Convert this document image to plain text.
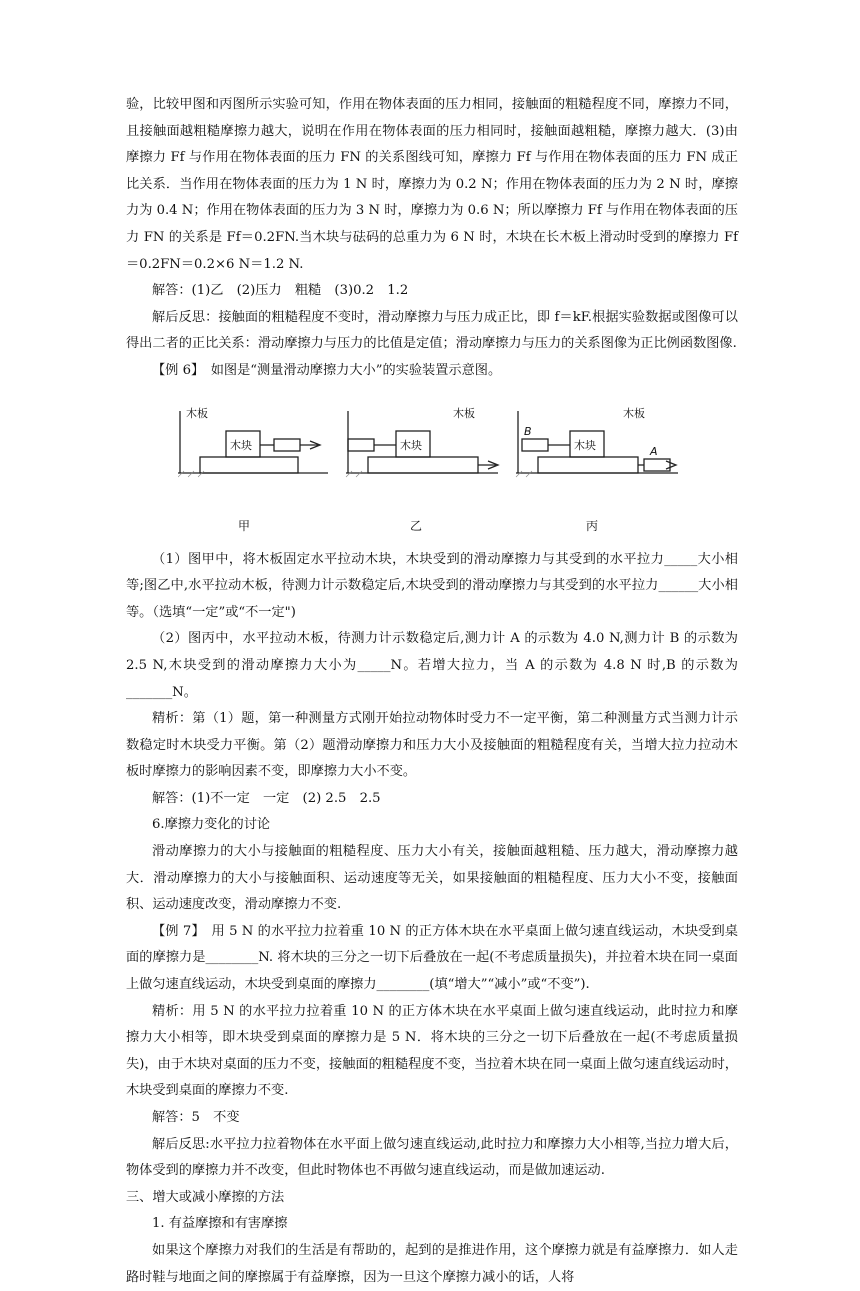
验，比较甲图和丙图所示实验可知，作用在物体表面的压力相同，接触面的粗糙程度不同，摩擦力不同，且接触面越粗糙摩擦力越大，说明在作用在物体表面的压力相同时，接触面越粗糙，摩擦力越大．(3)由摩擦力 Ff 与作用在物体表面的压力 FN 的关系图线可知，摩擦力 Ff 与作用在物体表面的压力 FN 成正比关系．当作用在物体表面的压力为 1 N 时，摩擦力为 0.2 N；作用在物体表面的压力为 2 N 时，摩擦力为 0.4 N；作用在物体表面的压力为 3 N 时，摩擦力为 0.6 N；所以摩擦力 Ff 与作用在物体表面的压力 FN 的关系是 Ff＝0.2FN.当木块与砝码的总重力为 6 N 时，木块在长木板上滑动时受到的摩擦力 Ff＝0.2FN＝0.2×6 N＝1.2 N.

解答：(1)乙　(2)压力　粗糙　(3)0.2　1.2

解后反思：接触面的粗糙程度不变时，滑动摩擦力与压力成正比，即 f＝kF.根据实验数据或图像可以得出二者的正比关系：滑动摩擦力与压力的比值是定值；滑动摩擦力与压力的关系图像为正比例函数图像.

【例 6】　如图是“测量滑动摩擦力大小”的实验装置示意图。

木板
木块
木板
木块
木板
木块
B
A
甲	乙	丙

（1）图甲中，将木板固定水平拉动木块，木块受到的滑动摩擦力与其受到的水平拉力_____大小相等;图乙中,水平拉动木板，待测力计示数稳定后,木块受到的滑动摩擦力与其受到的水平拉力______大小相等。（选填“一定”或“不一定")

（2）图丙中，水平拉动木板，待测力计示数稳定后,测力计 A 的示数为 4.0 N,测力计 B 的示数为 2.5 N,木块受到的滑动摩擦力大小为_____N。若增大拉力，当 A 的示数为 4.8 N 时,B 的示数为_______N。

精析：第（1）题，第一种测量方式刚开始拉动物体时受力不一定平衡，第二种测量方式当测力计示数稳定时木块受力平衡。第（2）题滑动摩擦力和压力大小及接触面的粗糙程度有关，当增大拉力拉动木板时摩擦力的影响因素不变，即摩擦力大小不变。

解答：(1)不一定　一定　(2) 2.5　2.5

6.摩擦力变化的讨论

滑动摩擦力的大小与接触面的粗糙程度、压力大小有关，接触面越粗糙、压力越大，滑动摩擦力越大．滑动摩擦力的大小与接触面积、运动速度等无关，如果接触面的粗糙程度、压力大小不变，接触面积、运动速度改变，滑动摩擦力不变.

【例 7】　用 5 N 的水平拉力拉着重 10 N 的正方体木块在水平桌面上做匀速直线运动，木块受到桌面的摩擦力是________N. 将木块的三分之一切下后叠放在一起(不考虑质量损失)，并拉着木块在同一桌面上做匀速直线运动，木块受到桌面的摩擦力________(填“增大”“减小”或“不变”).

精析：用 5 N 的水平拉力拉着重 10 N 的正方体木块在水平桌面上做匀速直线运动，此时拉力和摩擦力大小相等，即木块受到桌面的摩擦力是 5 N．将木块的三分之一切下后叠放在一起(不考虑质量损失)，由于木块对桌面的压力不变，接触面的粗糙程度不变，当拉着木块在同一桌面上做匀速直线运动时，木块受到桌面的摩擦力不变.

解答：5　不变

解后反思:水平拉力拉着物体在水平面上做匀速直线运动,此时拉力和摩擦力大小相等,当拉力增大后，物体受到的摩擦力并不改变，但此时物体也不再做匀速直线运动，而是做加速运动.

三、增大或减小摩擦的方法

1. 有益摩擦和有害摩擦

如果这个摩擦力对我们的生活是有帮助的，起到的是推进作用，这个摩擦力就是有益摩擦力．如人走路时鞋与地面之间的摩擦属于有益摩擦，因为一旦这个摩擦力减小的话，人将
